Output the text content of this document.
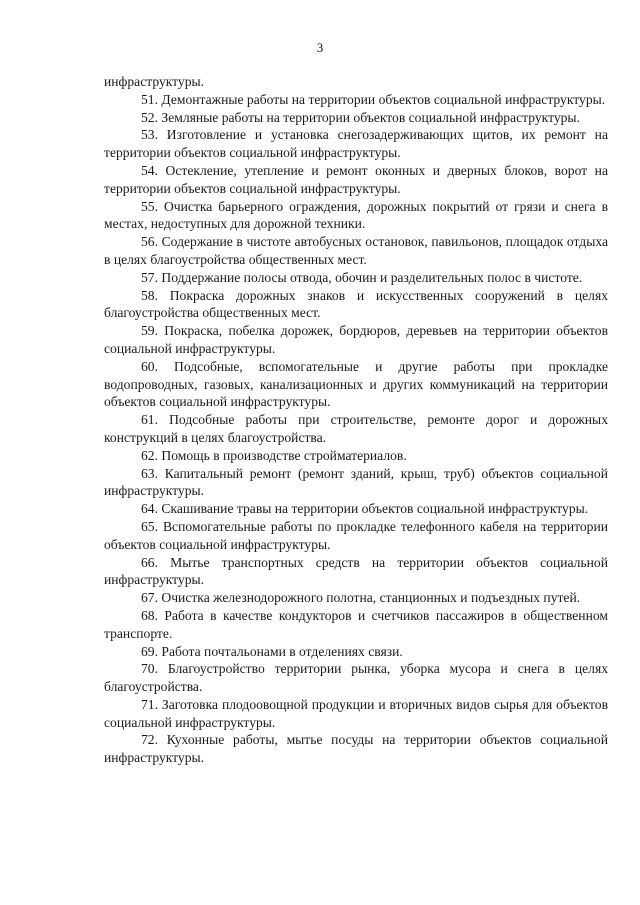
3

инфраструктуры.

51. Демонтажные работы на территории объектов социальной инфраструктуры.

52. Земляные работы на территории объектов социальной инфраструктуры.

53. Изготовление и установка снегозадерживающих щитов, их ремонт на территории объектов социальной инфраструктуры.

54. Остекление, утепление и ремонт оконных и дверных блоков, ворот на территории объектов социальной инфраструктуры.

55. Очистка барьерного ограждения, дорожных покрытий от грязи и снега в местах, недоступных для дорожной техники.

56. Содержание в чистоте автобусных остановок, павильонов, площадок отдыха в целях благоустройства общественных мест.

57. Поддержание полосы отвода, обочин и разделительных полос в чистоте.

58. Покраска дорожных знаков и искусственных сооружений в целях благоустройства общественных мест.

59. Покраска, побелка дорожек, бордюров, деревьев на территории объектов социальной инфраструктуры.

60. Подсобные, вспомогательные и другие работы при прокладке водопроводных, газовых, канализационных и других коммуникаций на территории объектов социальной инфраструктуры.

61. Подсобные работы при строительстве, ремонте дорог и дорожных конструкций в целях благоустройства.

62. Помощь в производстве стройматериалов.

63. Капитальный ремонт (ремонт зданий, крыш, труб) объектов социальной инфраструктуры.

64. Скашивание травы на территории объектов социальной инфраструктуры.

65. Вспомогательные работы по прокладке телефонного кабеля на территории объектов социальной инфраструктуры.

66. Мытье транспортных средств на территории объектов социальной инфраструктуры.

67. Очистка железнодорожного полотна, станционных и подъездных путей.

68. Работа в качестве кондукторов и счетчиков пассажиров в общественном транспорте.

69. Работа почтальонами в отделениях связи.

70. Благоустройство территории рынка, уборка мусора и снега в целях благоустройства.

71. Заготовка плодоовощной продукции и вторичных видов сырья для объектов социальной инфраструктуры.

72. Кухонные работы, мытье посуды на территории объектов социальной инфраструктуры.
